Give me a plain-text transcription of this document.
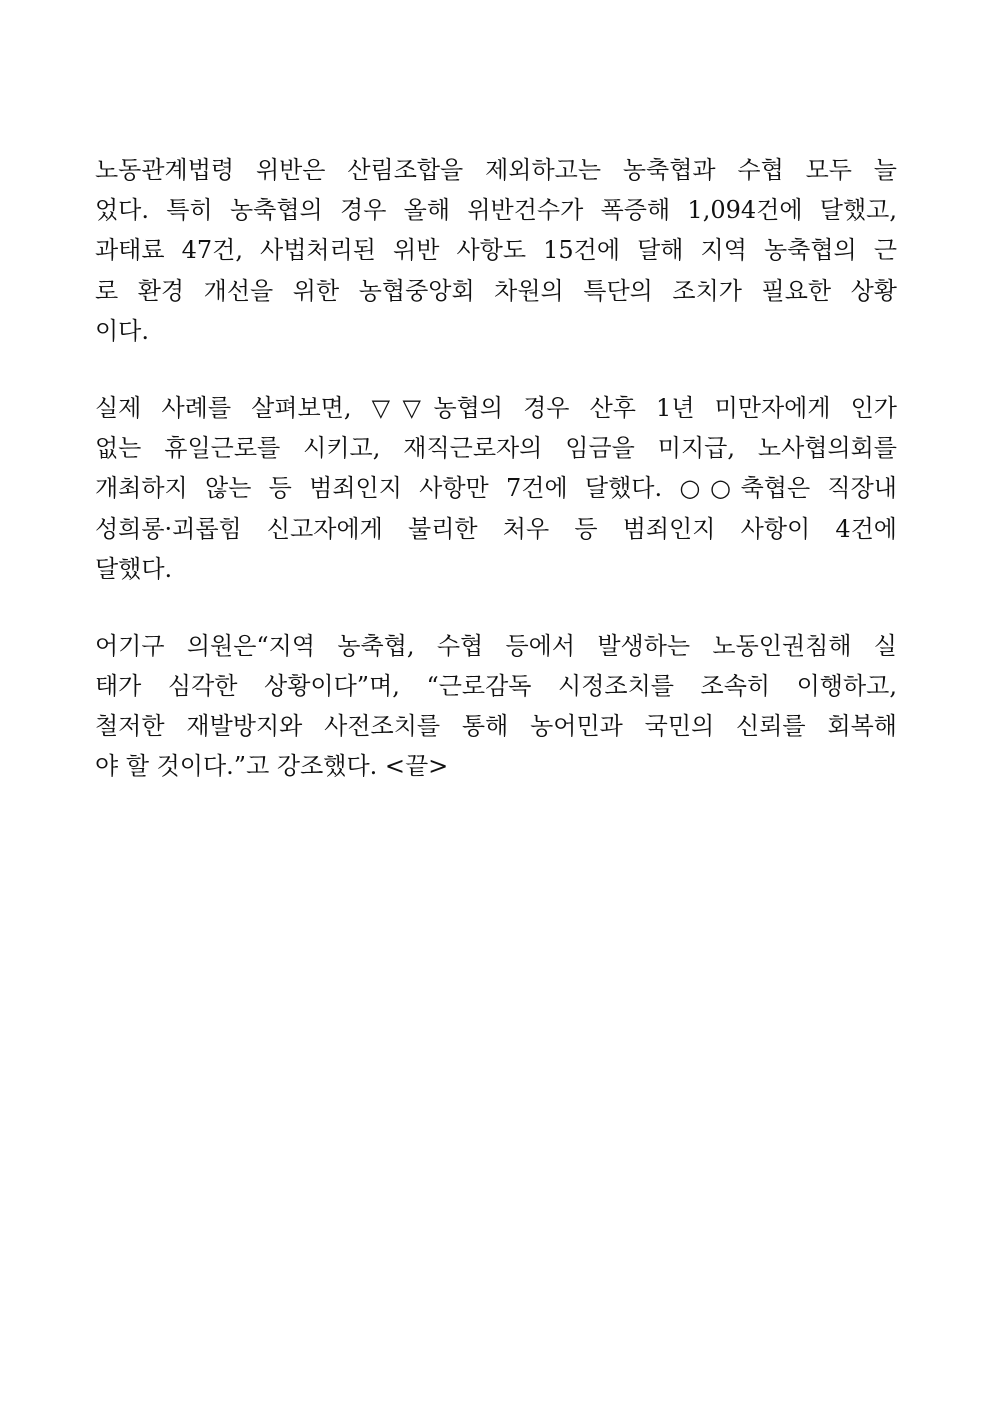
노동관계법령 위반은 산림조합을 제외하고는 농축협과 수협 모두 늘
었다. 특히 농축협의 경우 올해 위반건수가 폭증해 1,094건에 달했고,
과태료 47건, 사법처리된 위반 사항도 15건에 달해 지역 농축협의 근
로 환경 개선을 위한 농협중앙회 차원의 특단의 조치가 필요한 상황
이다.
실제 사례를 살펴보면, ▽▽농협의 경우 산후 1년 미만자에게 인가
없는 휴일근로를 시키고, 재직근로자의 임금을 미지급, 노사협의회를
개최하지 않는 등 범죄인지 사항만 7건에 달했다. ○○축협은 직장내
성희롱·괴롭힘 신고자에게 불리한 처우 등 범죄인지 사항이 4건에
달했다.
어기구 의원은“지역 농축협, 수협 등에서 발생하는 노동인권침해 실
태가 심각한 상황이다”며, “근로감독 시정조치를 조속히 이행하고,
철저한 재발방지와 사전조치를 통해 농어민과 국민의 신뢰를 회복해
야 할 것이다.”고 강조했다. <끝>
